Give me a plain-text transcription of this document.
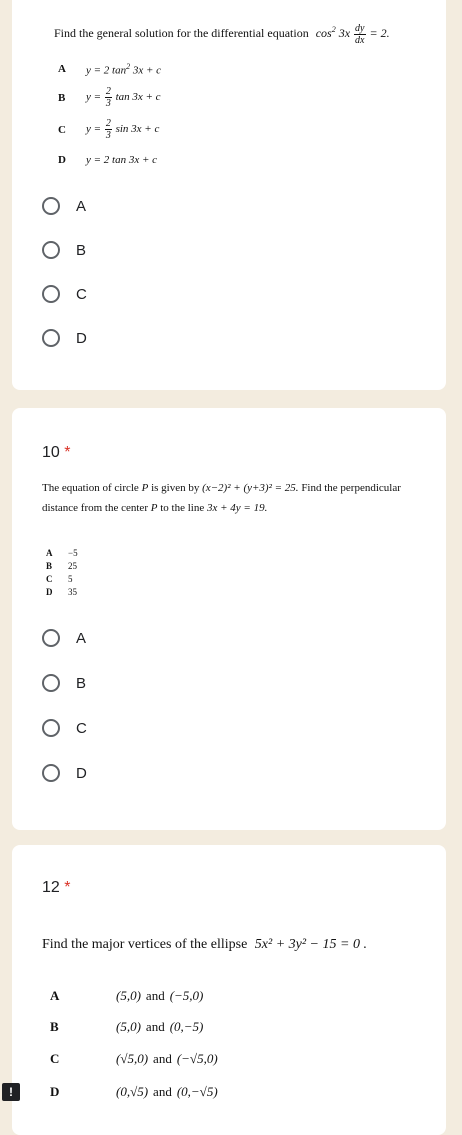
Find the general solution for the differential equation $\cos^2 3x \frac{dy}{dx} = 2$.
A	y = 2 $\tan^2 3x + c$
B	$y = \frac{2}{3}$ tan 3x + c
C	$y = \frac{2}{3}$ sin 3x + c
D	y = 2 tan 3x + c
A
B
C
D
10 *
The equation of circle P is given by (x−2)² + (y+3)² = 25. Find the perpendicular
distance from the center P to the line 3x + 4y = 19.
A	−5
B	25
C	5
D	35
A
B
C
D
12 *
Find the major vertices of the ellipse 5x² + 3y² − 15 = 0 .
A	(5,0) and (−5,0)
B	(5,0) and (0,−5)
C	(√5,0) and (−√5,0)
D	(0,√5) and (0,−√5)
!
